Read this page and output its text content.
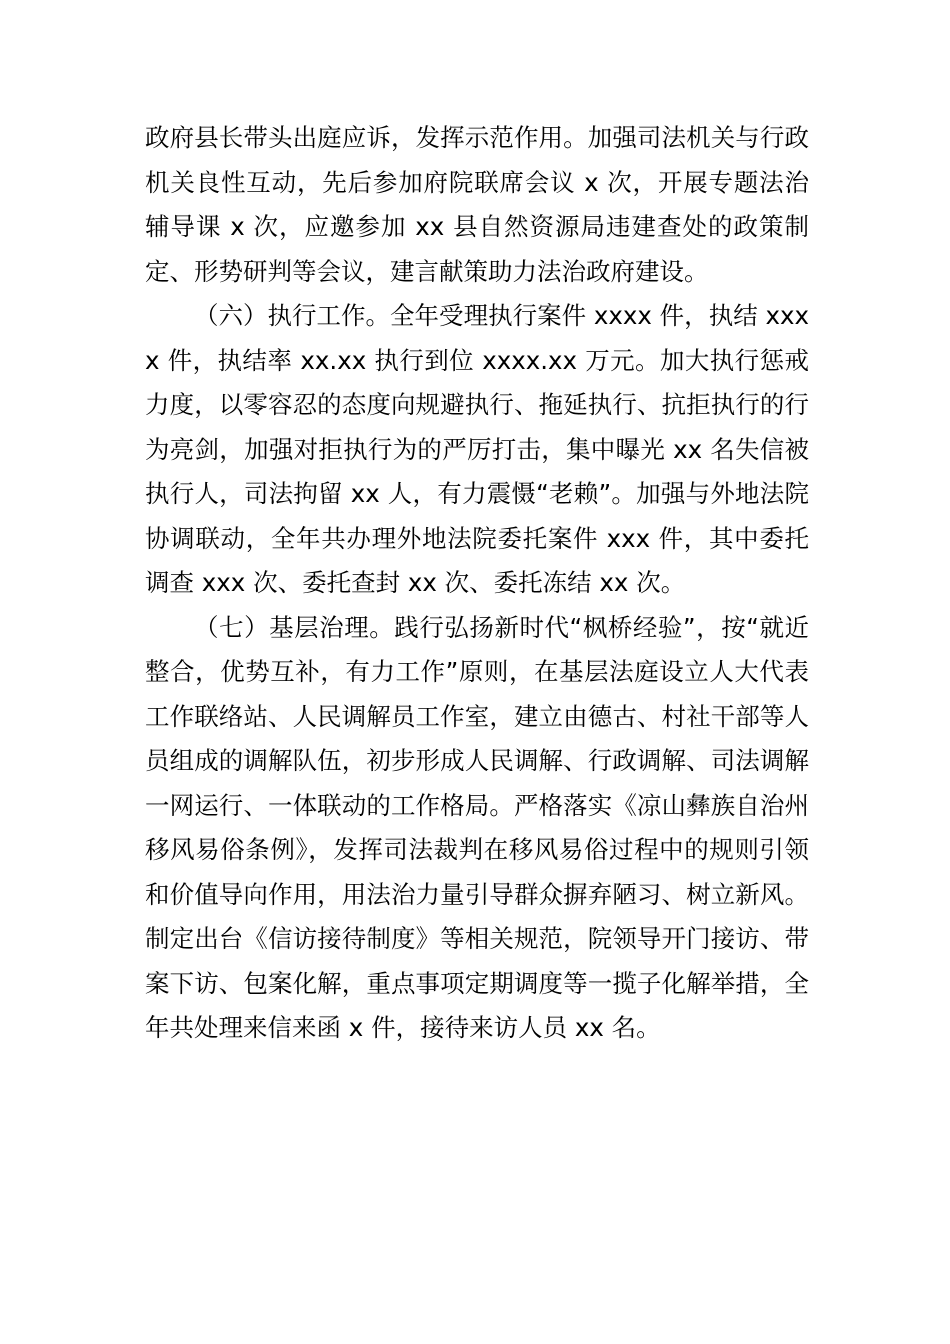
政府县长带头出庭应诉，发挥示范作用。加强司法机关与行政机关良性互动，先后参加府院联席会议 x 次，开展专题法治辅导课 x 次，应邀参加 xx 县自然资源局违建查处的政策制定、形势研判等会议，建言献策助力法治政府建设。

（六）执行工作。全年受理执行案件 xxxx 件，执结 xxxx 件，执结率 xx.xx 执行到位 xxxx.xx 万元。加大执行惩戒力度，以零容忍的态度向规避执行、拖延执行、抗拒执行的行为亮剑，加强对拒执行为的严厉打击，集中曝光 xx 名失信被执行人，司法拘留 xx 人，有力震慑“老赖”。加强与外地法院协调联动，全年共办理外地法院委托案件 xxx 件，其中委托调查 xxx 次、委托查封 xx 次、委托冻结 xx 次。

（七）基层治理。践行弘扬新时代“枫桥经验”，按“就近整合，优势互补，有力工作”原则，在基层法庭设立人大代表工作联络站、人民调解员工作室，建立由德古、村社干部等人员组成的调解队伍，初步形成人民调解、行政调解、司法调解一网运行、一体联动的工作格局。严格落实《凉山彝族自治州移风易俗条例》，发挥司法裁判在移风易俗过程中的规则引领和价值导向作用，用法治力量引导群众摒弃陋习、树立新风。制定出台《信访接待制度》等相关规范，院领导开门接访、带案下访、包案化解，重点事项定期调度等一揽子化解举措，全年共处理来信来函 x 件，接待来访人员 xx 名。
